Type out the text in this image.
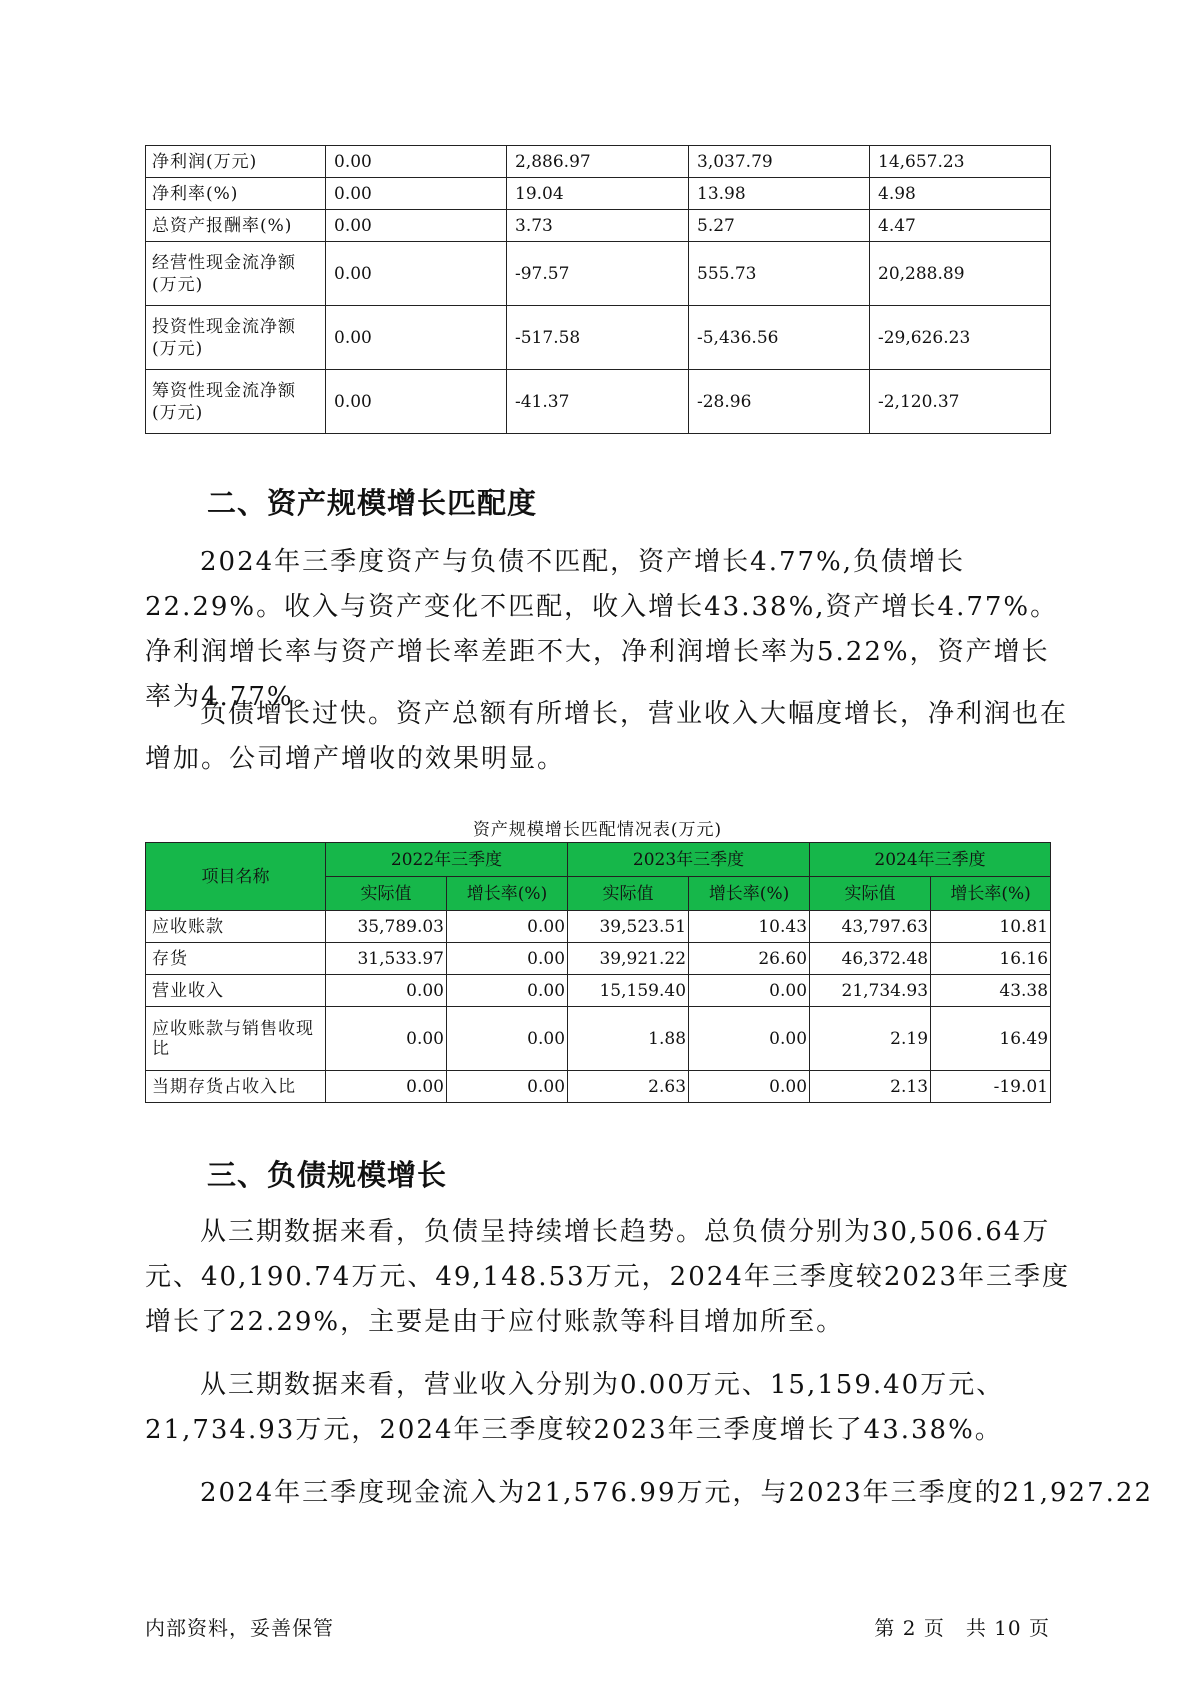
净利润(万元)	0.00	2,886.97	3,037.79	14,657.23
净利率(%)	0.00	19.04	13.98	4.98
总资产报酬率(%)	0.00	3.73	5.27	4.47
经营性现金流净额(万元)	0.00	-97.57	555.73	20,288.89
投资性现金流净额(万元)	0.00	-517.58	-5,436.56	-29,626.23
筹资性现金流净额(万元)	0.00	-41.37	-28.96	-2,120.37
二、资产规模增长匹配度

2024年三季度资产与负债不匹配，资产增长4.77%,负债增长22.29%。收入与资产变化不匹配，收入增长43.38%,资产增长4.77%。净利润增长率与资产增长率差距不大，净利润增长率为5.22%，资产增长率为4.77%。

负债增长过快。资产总额有所增长，营业收入大幅度增长，净利润也在增加。公司增产增收的效果明显。

资产规模增长匹配情况表(万元)
项目名称	2022年三季度		2023年三季度		2024年三季度	
	实际值	增长率(%)	实际值	增长率(%)	实际值	增长率(%)
应收账款	35,789.03	0.00	39,523.51	10.43	43,797.63	10.81
存货	31,533.97	0.00	39,921.22	26.60	46,372.48	16.16
营业收入	0.00	0.00	15,159.40	0.00	21,734.93	43.38
应收账款与销售收现比	0.00	0.00	1.88	0.00	2.19	16.49
当期存货占收入比	0.00	0.00	2.63	0.00	2.13	-19.01
三、负债规模增长

从三期数据来看，负债呈持续增长趋势。总负债分别为30,506.64万元、40,190.74万元、49,148.53万元，2024年三季度较2023年三季度增长了22.29%，主要是由于应付账款等科目增加所至。

从三期数据来看，营业收入分别为0.00万元、15,159.40万元、21,734.93万元，2024年三季度较2023年三季度增长了43.38%。

2024年三季度现金流入为21,576.99万元，与2023年三季度的21,927.22

内部资料，妥善保管	第 2 页　共 10 页
